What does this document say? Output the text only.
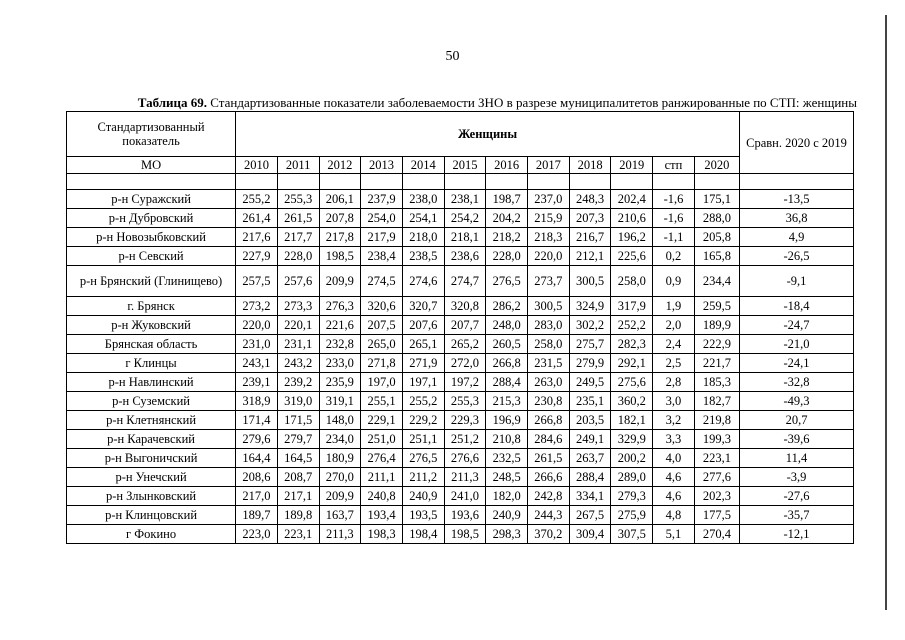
50
Таблица 69. Стандартизованные показатели заболеваемости ЗНО в разрезе муниципалитетов ранжированные по СТП: женщины
Стандартизованный показатель	Женщины												Сравн. 2020 с 2019
МО	2010	2011	2012	2013	2014	2015	2016	2017	2018	2019	стп	2020	

р-н Суражский	255,2	255,3	206,1	237,9	238,0	238,1	198,7	237,0	248,3	202,4	-1,6	175,1	-13,5
р-н Дубровский	261,4	261,5	207,8	254,0	254,1	254,2	204,2	215,9	207,3	210,6	-1,6	288,0	36,8
р-н Новозыбковский	217,6	217,7	217,8	217,9	218,0	218,1	218,2	218,3	216,7	196,2	-1,1	205,8	4,9
р-н Севский	227,9	228,0	198,5	238,4	238,5	238,6	228,0	220,0	212,1	225,6	0,2	165,8	-26,5
р-н Брянский (Глинищево)	257,5	257,6	209,9	274,5	274,6	274,7	276,5	273,7	300,5	258,0	0,9	234,4	-9,1
г. Брянск	273,2	273,3	276,3	320,6	320,7	320,8	286,2	300,5	324,9	317,9	1,9	259,5	-18,4
р-н Жуковский	220,0	220,1	221,6	207,5	207,6	207,7	248,0	283,0	302,2	252,2	2,0	189,9	-24,7
Брянская область	231,0	231,1	232,8	265,0	265,1	265,2	260,5	258,0	275,7	282,3	2,4	222,9	-21,0
г Клинцы	243,1	243,2	233,0	271,8	271,9	272,0	266,8	231,5	279,9	292,1	2,5	221,7	-24,1
р-н Навлинский	239,1	239,2	235,9	197,0	197,1	197,2	288,4	263,0	249,5	275,6	2,8	185,3	-32,8
р-н Суземский	318,9	319,0	319,1	255,1	255,2	255,3	215,3	230,8	235,1	360,2	3,0	182,7	-49,3
р-н Клетнянский	171,4	171,5	148,0	229,1	229,2	229,3	196,9	266,8	203,5	182,1	3,2	219,8	20,7
р-н Карачевский	279,6	279,7	234,0	251,0	251,1	251,2	210,8	284,6	249,1	329,9	3,3	199,3	-39,6
р-н Выгоничский	164,4	164,5	180,9	276,4	276,5	276,6	232,5	261,5	263,7	200,2	4,0	223,1	11,4
р-н Унечский	208,6	208,7	270,0	211,1	211,2	211,3	248,5	266,6	288,4	289,0	4,6	277,6	-3,9
р-н Злынковский	217,0	217,1	209,9	240,8	240,9	241,0	182,0	242,8	334,1	279,3	4,6	202,3	-27,6
р-н Клинцовский	189,7	189,8	163,7	193,4	193,5	193,6	240,9	244,3	267,5	275,9	4,8	177,5	-35,7
г Фокино	223,0	223,1	211,3	198,3	198,4	198,5	298,3	370,2	309,4	307,5	5,1	270,4	-12,1
